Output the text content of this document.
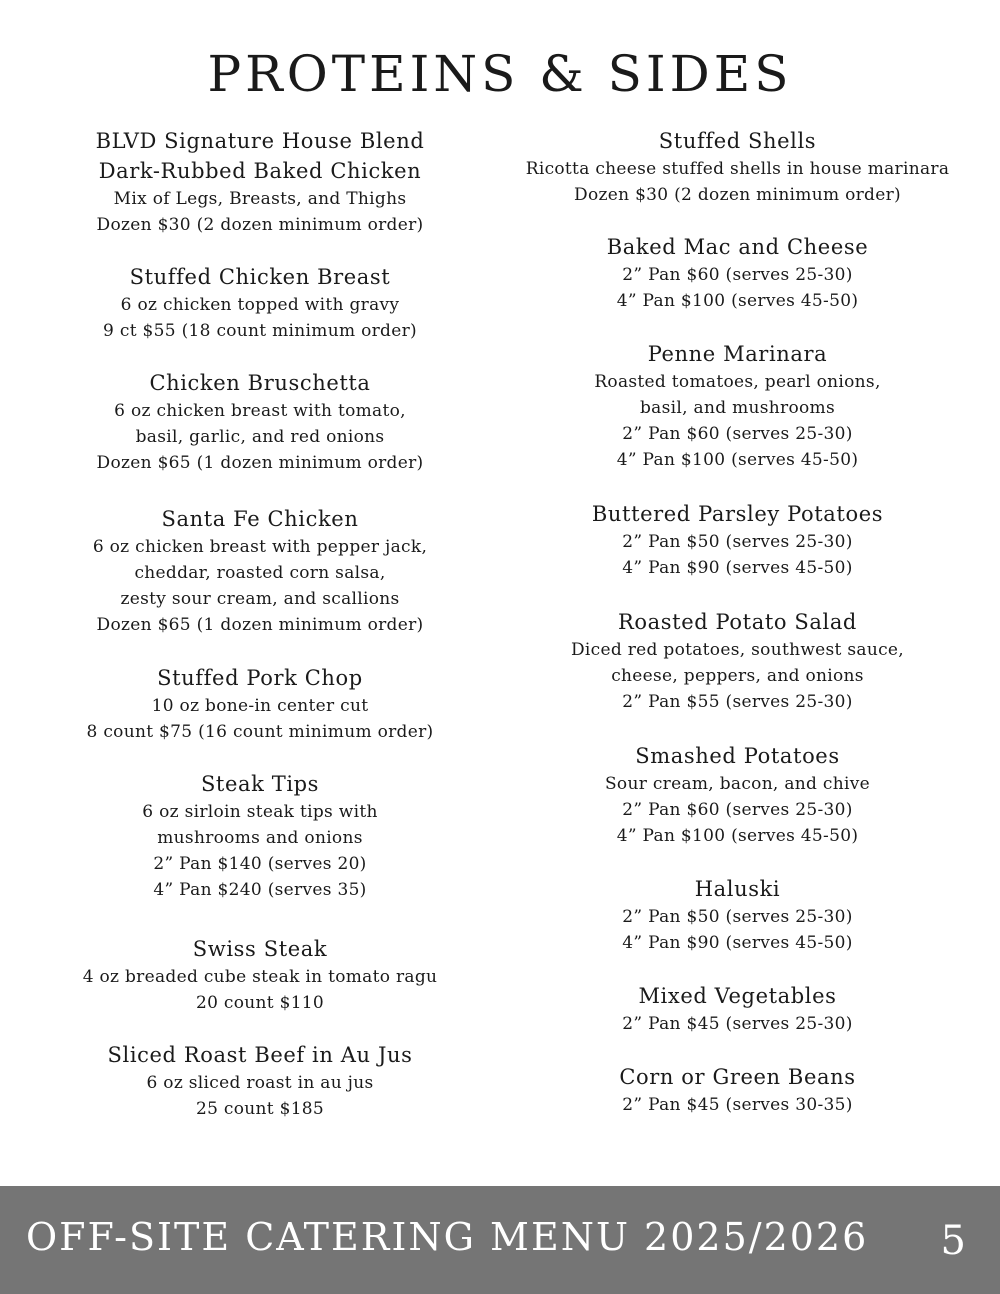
PROTEINS & SIDES
BLVD Signature House Blend
Dark-Rubbed Baked Chicken
Mix of Legs, Breasts, and Thighs
Dozen $30 (2 dozen minimum order)
Stuffed Chicken Breast
6 oz chicken topped with gravy
9 ct $55 (18 count minimum order)
Chicken Bruschetta
6 oz chicken breast with tomato,
basil, garlic, and red onions
Dozen $65 (1 dozen minimum order)
Santa Fe Chicken
6 oz chicken breast with pepper jack,
cheddar, roasted corn salsa,
zesty sour cream, and scallions
Dozen $65 (1 dozen minimum order)
Stuffed Pork Chop
10 oz bone-in center cut
8 count $75 (16 count minimum order)
Steak Tips
6 oz sirloin steak tips with
mushrooms and onions
2” Pan $140 (serves 20)
4” Pan $240 (serves 35)
Swiss Steak
4 oz breaded cube steak in tomato ragu
20 count $110
Sliced Roast Beef in Au Jus
6 oz sliced roast in au jus
25 count $185
Stuffed Shells
Ricotta cheese stuffed shells in house marinara
Dozen $30 (2 dozen minimum order)
Baked Mac and Cheese
2” Pan $60 (serves 25-30)
4” Pan $100 (serves 45-50)
Penne Marinara
Roasted tomatoes, pearl onions,
basil, and mushrooms
2” Pan $60 (serves 25-30)
4” Pan $100 (serves 45-50)
Buttered Parsley Potatoes
2” Pan $50 (serves 25-30)
4” Pan $90 (serves 45-50)
Roasted Potato Salad
Diced red potatoes, southwest sauce,
cheese, peppers, and onions
2” Pan $55 (serves 25-30)
Smashed Potatoes
Sour cream, bacon, and chive
2” Pan $60 (serves 25-30)
4” Pan $100 (serves 45-50)
Haluski
2” Pan $50 (serves 25-30)
4” Pan $90 (serves 45-50)
Mixed Vegetables
2” Pan $45 (serves 25-30)
Corn or Green Beans
2” Pan $45 (serves 30-35)
OFF-SITE CATERING MENU 2025/2026 5
